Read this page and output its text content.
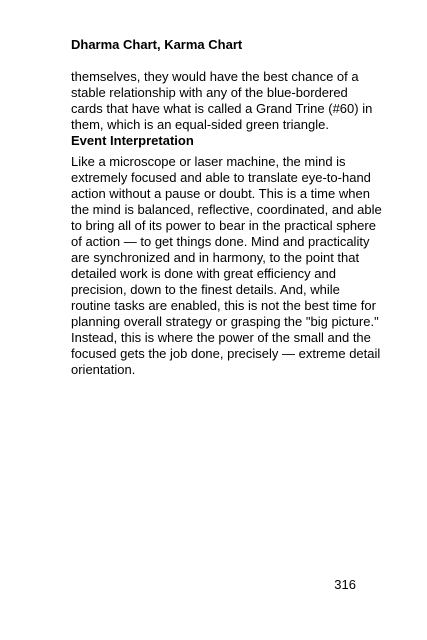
Dharma Chart, Karma Chart
themselves, they would have the best chance of a
stable relationship with any of the blue-bordered
cards that have what is called a Grand Trine (#60) in
them, which is an equal-sided green triangle.
Event Interpretation
Like a microscope or laser machine, the mind is
extremely focused and able to translate eye-to-hand
action without a pause or doubt. This is a time when
the mind is balanced, reflective, coordinated, and able
to bring all of its power to bear in the practical sphere
of action — to get things done. Mind and practicality
are synchronized and in harmony, to the point that
detailed work is done with great efficiency and
precision, down to the finest details. And, while
routine tasks are enabled, this is not the best time for
planning overall strategy or grasping the "big picture."
Instead, this is where the power of the small and the
focused gets the job done, precisely — extreme detail
orientation.
316
